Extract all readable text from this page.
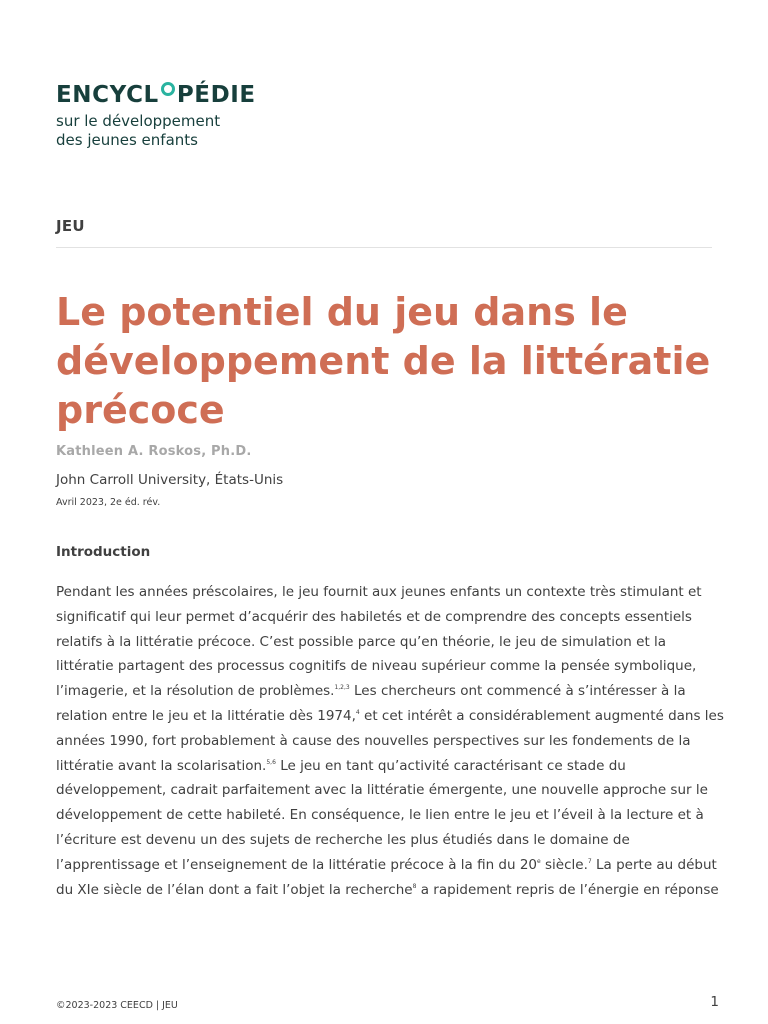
ENCYCL PÉDIE
sur le développement
des jeunes enfants
JEU
Le potentiel du jeu dans le développement de la littératie précoce
Kathleen A. Roskos, Ph.D.
John Carroll University, États-Unis
Avril 2023, 2e éd. rév.
Introduction

Pendant les années préscolaires, le jeu fournit aux jeunes enfants un contexte très stimulant et
significatif qui leur permet d’acquérir des habiletés et de comprendre des concepts essentiels
relatifs à la littératie précoce. C’est possible parce qu’en théorie, le jeu de simulation et la
littératie partagent des processus cognitifs de niveau supérieur comme la pensée symbolique,
l’imagerie, et la résolution de problèmes.$^{1,2,3}$ Les chercheurs ont commencé à s’intéresser à la
relation entre le jeu et la littératie dès 1974,$^4$ et cet intérêt a considérablement augmenté dans les
années 1990, fort probablement à cause des nouvelles perspectives sur les fondements de la
littératie avant la scolarisation.$^{5,6}$ Le jeu en tant qu’activité caractérisant ce stade du
développement, cadrait parfaitement avec la littératie émergente, une nouvelle approche sur le
développement de cette habileté. En conséquence, le lien entre le jeu et l’éveil à la lecture et à
l’écriture est devenu un des sujets de recherche les plus étudiés dans le domaine de
l’apprentissage et l’enseignement de la littératie précoce à la fin du 20e siècle.$^7$ La perte au début
du XIe siècle de l’élan dont a fait l’objet la recherche$^8$ a rapidement repris de l’énergie en réponse

©2023-2023 CEECD | JEU	1
